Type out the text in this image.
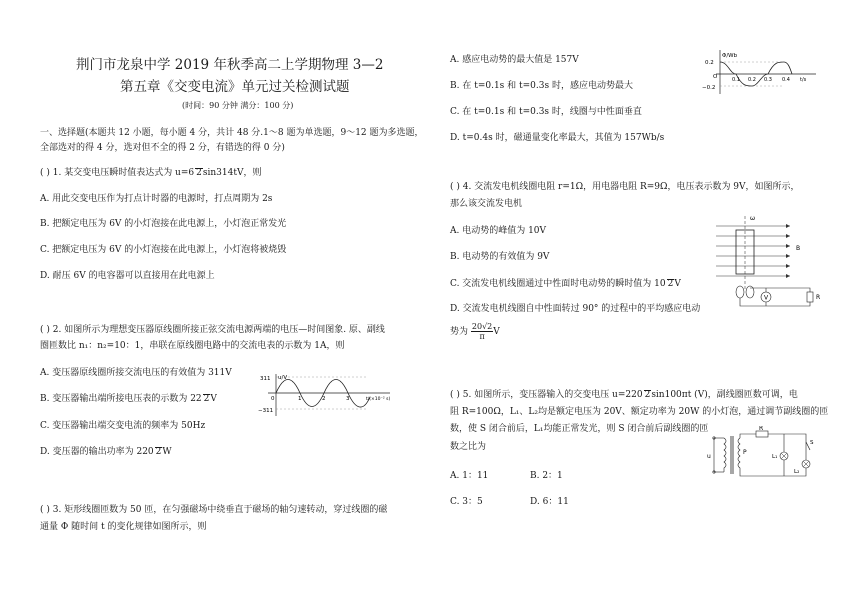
荆门市龙泉中学 2019 年秋季高二上学期物理 3—2
第五章《交变电流》单元过关检测试题
(时间：90 分钟 满分：100 分)
一、选择题(本题共 12 小题，每小题 4 分，共计 48 分.1～8 题为单选题，9～12 题为多选题，
全部选对的得 4 分，选对但不全的得 2 分，有错选的得 0 分)
( ) 1. 某交变电压瞬时值表达式为 u=6 2sin314tV，则
A. 用此交变电压作为打点计时器的电源时，打点周期为 2s
B. 把额定电压为 6V 的小灯泡接在此电源上，小灯泡正常发光
C. 把额定电压为 6V 的小灯泡接在此电源上，小灯泡将被烧毁
D. 耐压 6V 的电容器可以直接用在此电源上
( ) 2. 如图所示为理想变压器原线圈所接正弦交流电源两端的电压—时间图象. 原、副线
圈匝数比 n₁：n₂=10：1，串联在原线圈电路中的交流电表的示数为 1A，则
A. 变压器原线圈所接交流电压的有效值为 311V
B. 变压器输出端所接电压表的示数为 22 2V
C. 变压器输出端交变电流的频率为 50Hz
D. 变压器的输出功率为 220 2W
311
−311
u/V
0	1	2	3	t/(×10⁻² s)
( ) 3. 矩形线圈匝数为 50 匝，在匀强磁场中绕垂直于磁场的轴匀速转动，穿过线圈的磁
通量 Φ 随时间 t 的变化规律如图所示，则
A. 感应电动势的最大值是 157V
B. 在 t=0.1s 和 t=0.3s 时，感应电动势最大
C. 在 t=0.1s 和 t=0.3s 时，线圈与中性面垂直
D. t=0.4s 时，磁通量变化率最大，其值为 157Wb/s
Φ/Wb
0.2
−0.2
O	0.1 0.2 0.3 0.4 t/s
( ) 4. 交流发电机线圈电阻 r=1Ω，用电器电阻 R=9Ω，电压表示数为 9V，如图所示，
那么该交流发电机
A. 电动势的峰值为 10V
B. 电动势的有效值为 9V
C. 交流发电机线圈通过中性面时电动势的瞬时值为 10 2V
D. 交流发电机线圈自中性面转过 90° 的过程中的平均感应电动
势为 $\frac{20√2}{\pi}$ V
ω
B
V	R
( ) 5. 如图所示，变压器输入的交变电压 u=220 2sin100πt (V)，副线圈匝数可调，电
阻 R=100Ω，L₁、L₂均是额定电压为 20V、额定功率为 20W 的小灯泡，通过调节副线圈的匝
数，使 S 闭合前后，L₁均能正常发光，则 S 闭合前后副线圈的匝
数之比为
A. 1：11	B. 2：1
C. 3：5	D. 6：11
u
P
R
L₁
L₂
S
